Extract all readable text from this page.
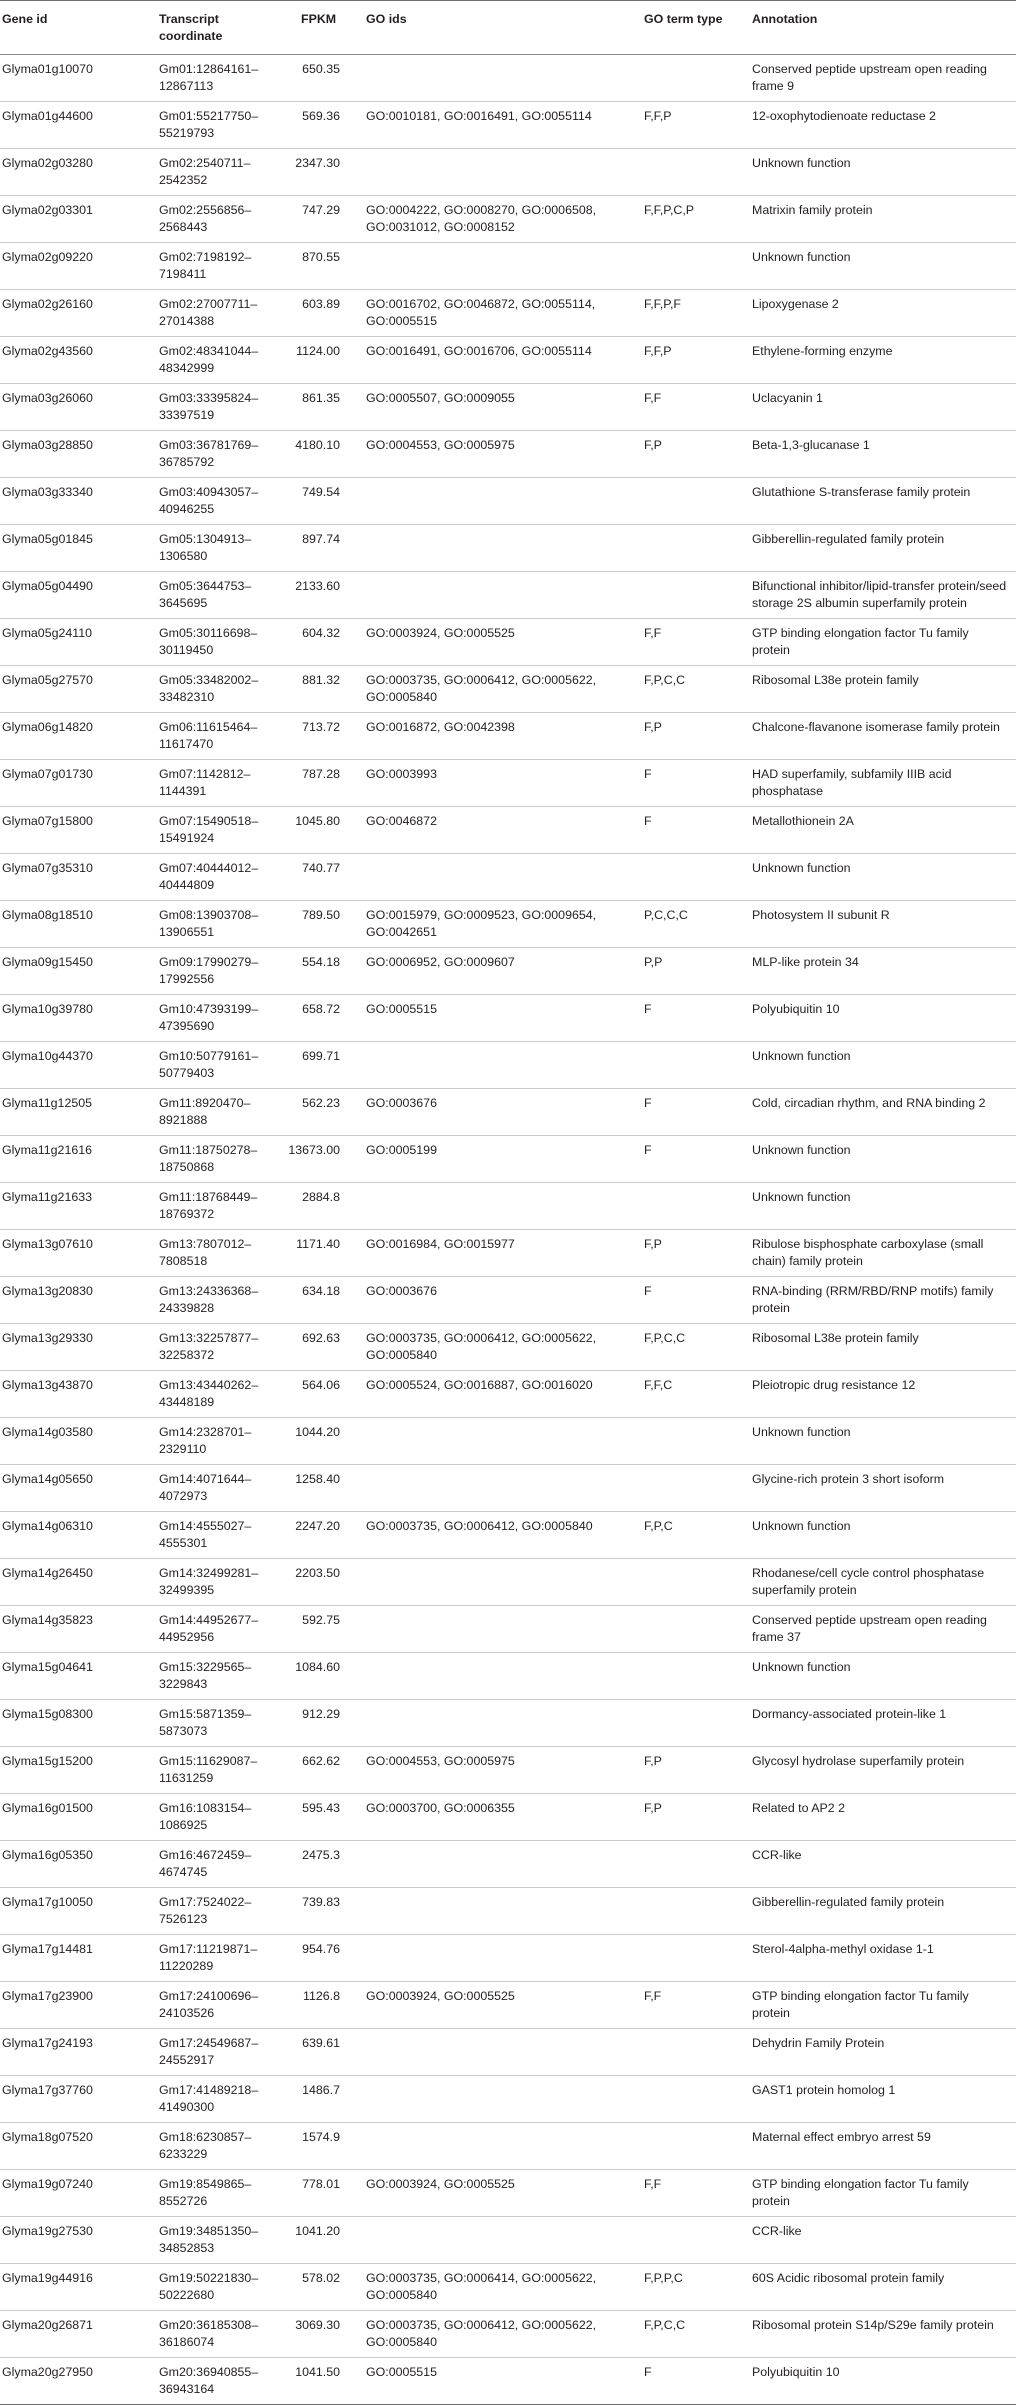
Gene id	Transcript coordinate	FPKM	GO ids	GO term type	Annotation
Glyma01g10070	Gm01:12864161–12867113	650.35			Conserved peptide upstream open reading frame 9
Glyma01g44600	Gm01:55217750–55219793	569.36	GO:0010181, GO:0016491, GO:0055114	F,F,P	12-oxophytodienoate reductase 2
Glyma02g03280	Gm02:2540711–2542352	2347.30			Unknown function
Glyma02g03301	Gm02:2556856–2568443	747.29	GO:0004222, GO:0008270, GO:0006508, GO:0031012, GO:0008152	F,F,P,C,P	Matrixin family protein
Glyma02g09220	Gm02:7198192–7198411	870.55			Unknown function
Glyma02g26160	Gm02:27007711–27014388	603.89	GO:0016702, GO:0046872, GO:0055114, GO:0005515	F,F,P,F	Lipoxygenase 2
Glyma02g43560	Gm02:48341044–48342999	1124.00	GO:0016491, GO:0016706, GO:0055114	F,F,P	Ethylene-forming enzyme
Glyma03g26060	Gm03:33395824–33397519	861.35	GO:0005507, GO:0009055	F,F	Uclacyanin 1
Glyma03g28850	Gm03:36781769–36785792	4180.10	GO:0004553, GO:0005975	F,P	Beta-1,3-glucanase 1
Glyma03g33340	Gm03:40943057–40946255	749.54			Glutathione S-transferase family protein
Glyma05g01845	Gm05:1304913–1306580	897.74			Gibberellin-regulated family protein
Glyma05g04490	Gm05:3644753–3645695	2133.60			Bifunctional inhibitor/lipid-transfer protein/seed storage 2S albumin superfamily protein
Glyma05g24110	Gm05:30116698–30119450	604.32	GO:0003924, GO:0005525	F,F	GTP binding elongation factor Tu family protein
Glyma05g27570	Gm05:33482002–33482310	881.32	GO:0003735, GO:0006412, GO:0005622, GO:0005840	F,P,C,C	Ribosomal L38e protein family
Glyma06g14820	Gm06:11615464–11617470	713.72	GO:0016872, GO:0042398	F,P	Chalcone-flavanone isomerase family protein
Glyma07g01730	Gm07:1142812–1144391	787.28	GO:0003993	F	HAD superfamily, subfamily IIIB acid phosphatase
Glyma07g15800	Gm07:15490518–15491924	1045.80	GO:0046872	F	Metallothionein 2A
Glyma07g35310	Gm07:40444012–40444809	740.77			Unknown function
Glyma08g18510	Gm08:13903708–13906551	789.50	GO:0015979, GO:0009523, GO:0009654, GO:0042651	P,C,C,C	Photosystem II subunit R
Glyma09g15450	Gm09:17990279–17992556	554.18	GO:0006952, GO:0009607	P,P	MLP-like protein 34
Glyma10g39780	Gm10:47393199–47395690	658.72	GO:0005515	F	Polyubiquitin 10
Glyma10g44370	Gm10:50779161–50779403	699.71			Unknown function
Glyma11g12505	Gm11:8920470–8921888	562.23	GO:0003676	F	Cold, circadian rhythm, and RNA binding 2
Glyma11g21616	Gm11:18750278–18750868	13673.00	GO:0005199	F	Unknown function
Glyma11g21633	Gm11:18768449–18769372	2884.8			Unknown function
Glyma13g07610	Gm13:7807012–7808518	1171.40	GO:0016984, GO:0015977	F,P	Ribulose bisphosphate carboxylase (small chain) family protein
Glyma13g20830	Gm13:24336368–24339828	634.18	GO:0003676	F	RNA-binding (RRM/RBD/RNP motifs) family protein
Glyma13g29330	Gm13:32257877–32258372	692.63	GO:0003735, GO:0006412, GO:0005622, GO:0005840	F,P,C,C	Ribosomal L38e protein family
Glyma13g43870	Gm13:43440262–43448189	564.06	GO:0005524, GO:0016887, GO:0016020	F,F,C	Pleiotropic drug resistance 12
Glyma14g03580	Gm14:2328701–2329110	1044.20			Unknown function
Glyma14g05650	Gm14:4071644–4072973	1258.40			Glycine-rich protein 3 short isoform
Glyma14g06310	Gm14:4555027–4555301	2247.20	GO:0003735, GO:0006412, GO:0005840	F,P,C	Unknown function
Glyma14g26450	Gm14:32499281–32499395	2203.50			Rhodanese/cell cycle control phosphatase superfamily protein
Glyma14g35823	Gm14:44952677–44952956	592.75			Conserved peptide upstream open reading frame 37
Glyma15g04641	Gm15:3229565–3229843	1084.60			Unknown function
Glyma15g08300	Gm15:5871359–5873073	912.29			Dormancy-associated protein-like 1
Glyma15g15200	Gm15:11629087–11631259	662.62	GO:0004553, GO:0005975	F,P	Glycosyl hydrolase superfamily protein
Glyma16g01500	Gm16:1083154–1086925	595.43	GO:0003700, GO:0006355	F,P	Related to AP2 2
Glyma16g05350	Gm16:4672459–4674745	2475.3			CCR-like
Glyma17g10050	Gm17:7524022–7526123	739.83			Gibberellin-regulated family protein
Glyma17g14481	Gm17:11219871–11220289	954.76			Sterol-4alpha-methyl oxidase 1-1
Glyma17g23900	Gm17:24100696–24103526	1126.8	GO:0003924, GO:0005525	F,F	GTP binding elongation factor Tu family protein
Glyma17g24193	Gm17:24549687–24552917	639.61			Dehydrin Family Protein
Glyma17g37760	Gm17:41489218–41490300	1486.7			GAST1 protein homolog 1
Glyma18g07520	Gm18:6230857–6233229	1574.9			Maternal effect embryo arrest 59
Glyma19g07240	Gm19:8549865–8552726	778.01	GO:0003924, GO:0005525	F,F	GTP binding elongation factor Tu family protein
Glyma19g27530	Gm19:34851350–34852853	1041.20			CCR-like
Glyma19g44916	Gm19:50221830–50222680	578.02	GO:0003735, GO:0006414, GO:0005622, GO:0005840	F,P,P,C	60S Acidic ribosomal protein family
Glyma20g26871	Gm20:36185308–36186074	3069.30	GO:0003735, GO:0006412, GO:0005622, GO:0005840	F,P,C,C	Ribosomal protein S14p/S29e family protein
Glyma20g27950	Gm20:36940855–36943164	1041.50	GO:0005515	F	Polyubiquitin 10
